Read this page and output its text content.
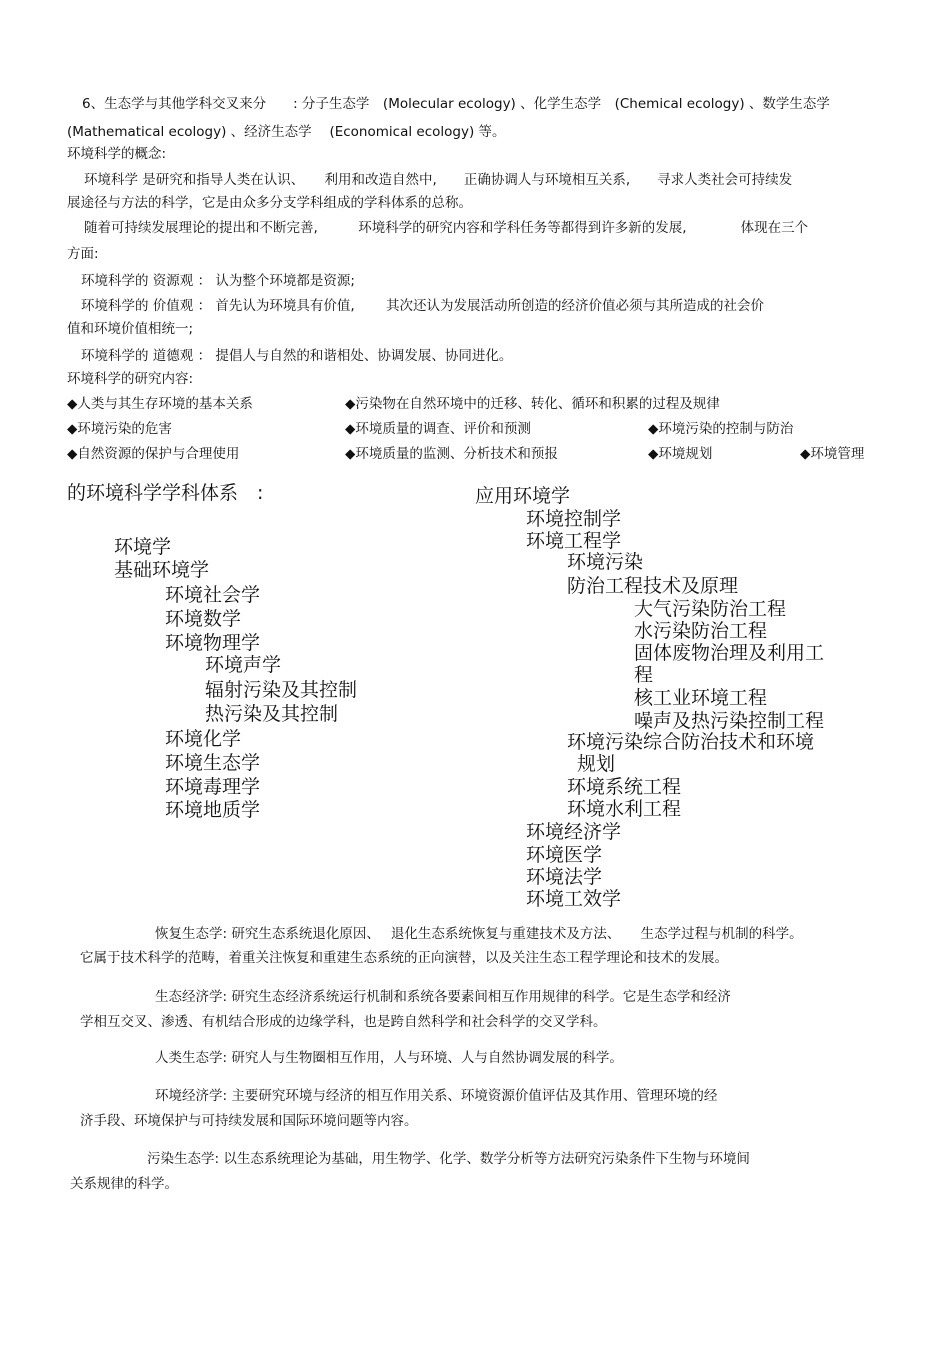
6、生态学与其他学科交叉来分　　: 分子生态学　(Molecular ecology) 、化学生态学　(Chemical ecology) 、数学生态学
(Mathematical ecology) 、经济生态学　 (Economical ecology) 等。
环境科学的概念:
环境科学 是研究和指导人类在认识、　　利用和改造自然中,　　正确协调人与环境相互关系,　　寻求人类社会可持续发
展途径与方法的科学，它是由众多分支学科组成的学科体系的总称。
随着可持续发展理论的提出和不断完善,　　　环境科学的研究内容和学科任务等都得到许多新的发展,　　　　体现在三个
方面:
环境科学的 资源观 ： 认为整个环境都是资源;
环境科学的 价值观 ： 首先认为环境具有价值,　　 其次还认为发展活动所创造的经济价值必须与其所造成的社会价
值和环境价值相统一;
环境科学的 道德观 ： 提倡人与自然的和谐相处、协调发展、协同进化。
环境科学的研究内容:
◆ 人类与其生存环境的基本关系	◆ 污染物在自然环境中的迁移、转化、循环和积累的过程及规律
◆ 环境污染的危害	◆ 环境质量的调查、评价和预测	◆ 环境污染的控制与防治
◆ 自然资源的保护与合理使用	◆ 环境质量的监测、分析技术和预报	◆ 环境规划	◆ 环境管理
的环境科学学科体系　:
环境学
基础环境学
环境社会学
环境数学
环境物理学
环境声学
辐射污染及其控制
热污染及其控制
环境化学
环境生态学
环境毒理学
环境地质学
应用环境学
环境控制学
环境工程学
环境污染
防治工程技术及原理
大气污染防治工程
水污染防治工程
固体废物治理及利用工
程
核工业环境工程
噪声及热污染控制工程
环境污染综合防治技术和环境
规划
环境系统工程
环境水利工程
环境经济学
环境医学
环境法学
环境工效学
恢复生态学: 研究生态系统退化原因、　 退化生态系统恢复与重建技术及方法、　　生态学过程与机制的科学。
它属于技术科学的范畴，着重关注恢复和重建生态系统的正向演替，以及关注生态工程学理论和技术的发展。
生态经济学: 研究生态经济系统运行机制和系统各要素间相互作用规律的科学。它是生态学和经济
学相互交叉、渗透、有机结合形成的边缘学科，也是跨自然科学和社会科学的交叉学科。
人类生态学: 研究人与生物圈相互作用，人与环境、人与自然协调发展的科学。
环境经济学: 主要研究环境与经济的相互作用关系、环境资源价值评估及其作用、管理环境的经
济手段、环境保护与可持续发展和国际环境问题等内容。
污染生态学: 以生态系统理论为基础，用生物学、化学、数学分析等方法研究污染条件下生物与环境间
关系规律的科学。
